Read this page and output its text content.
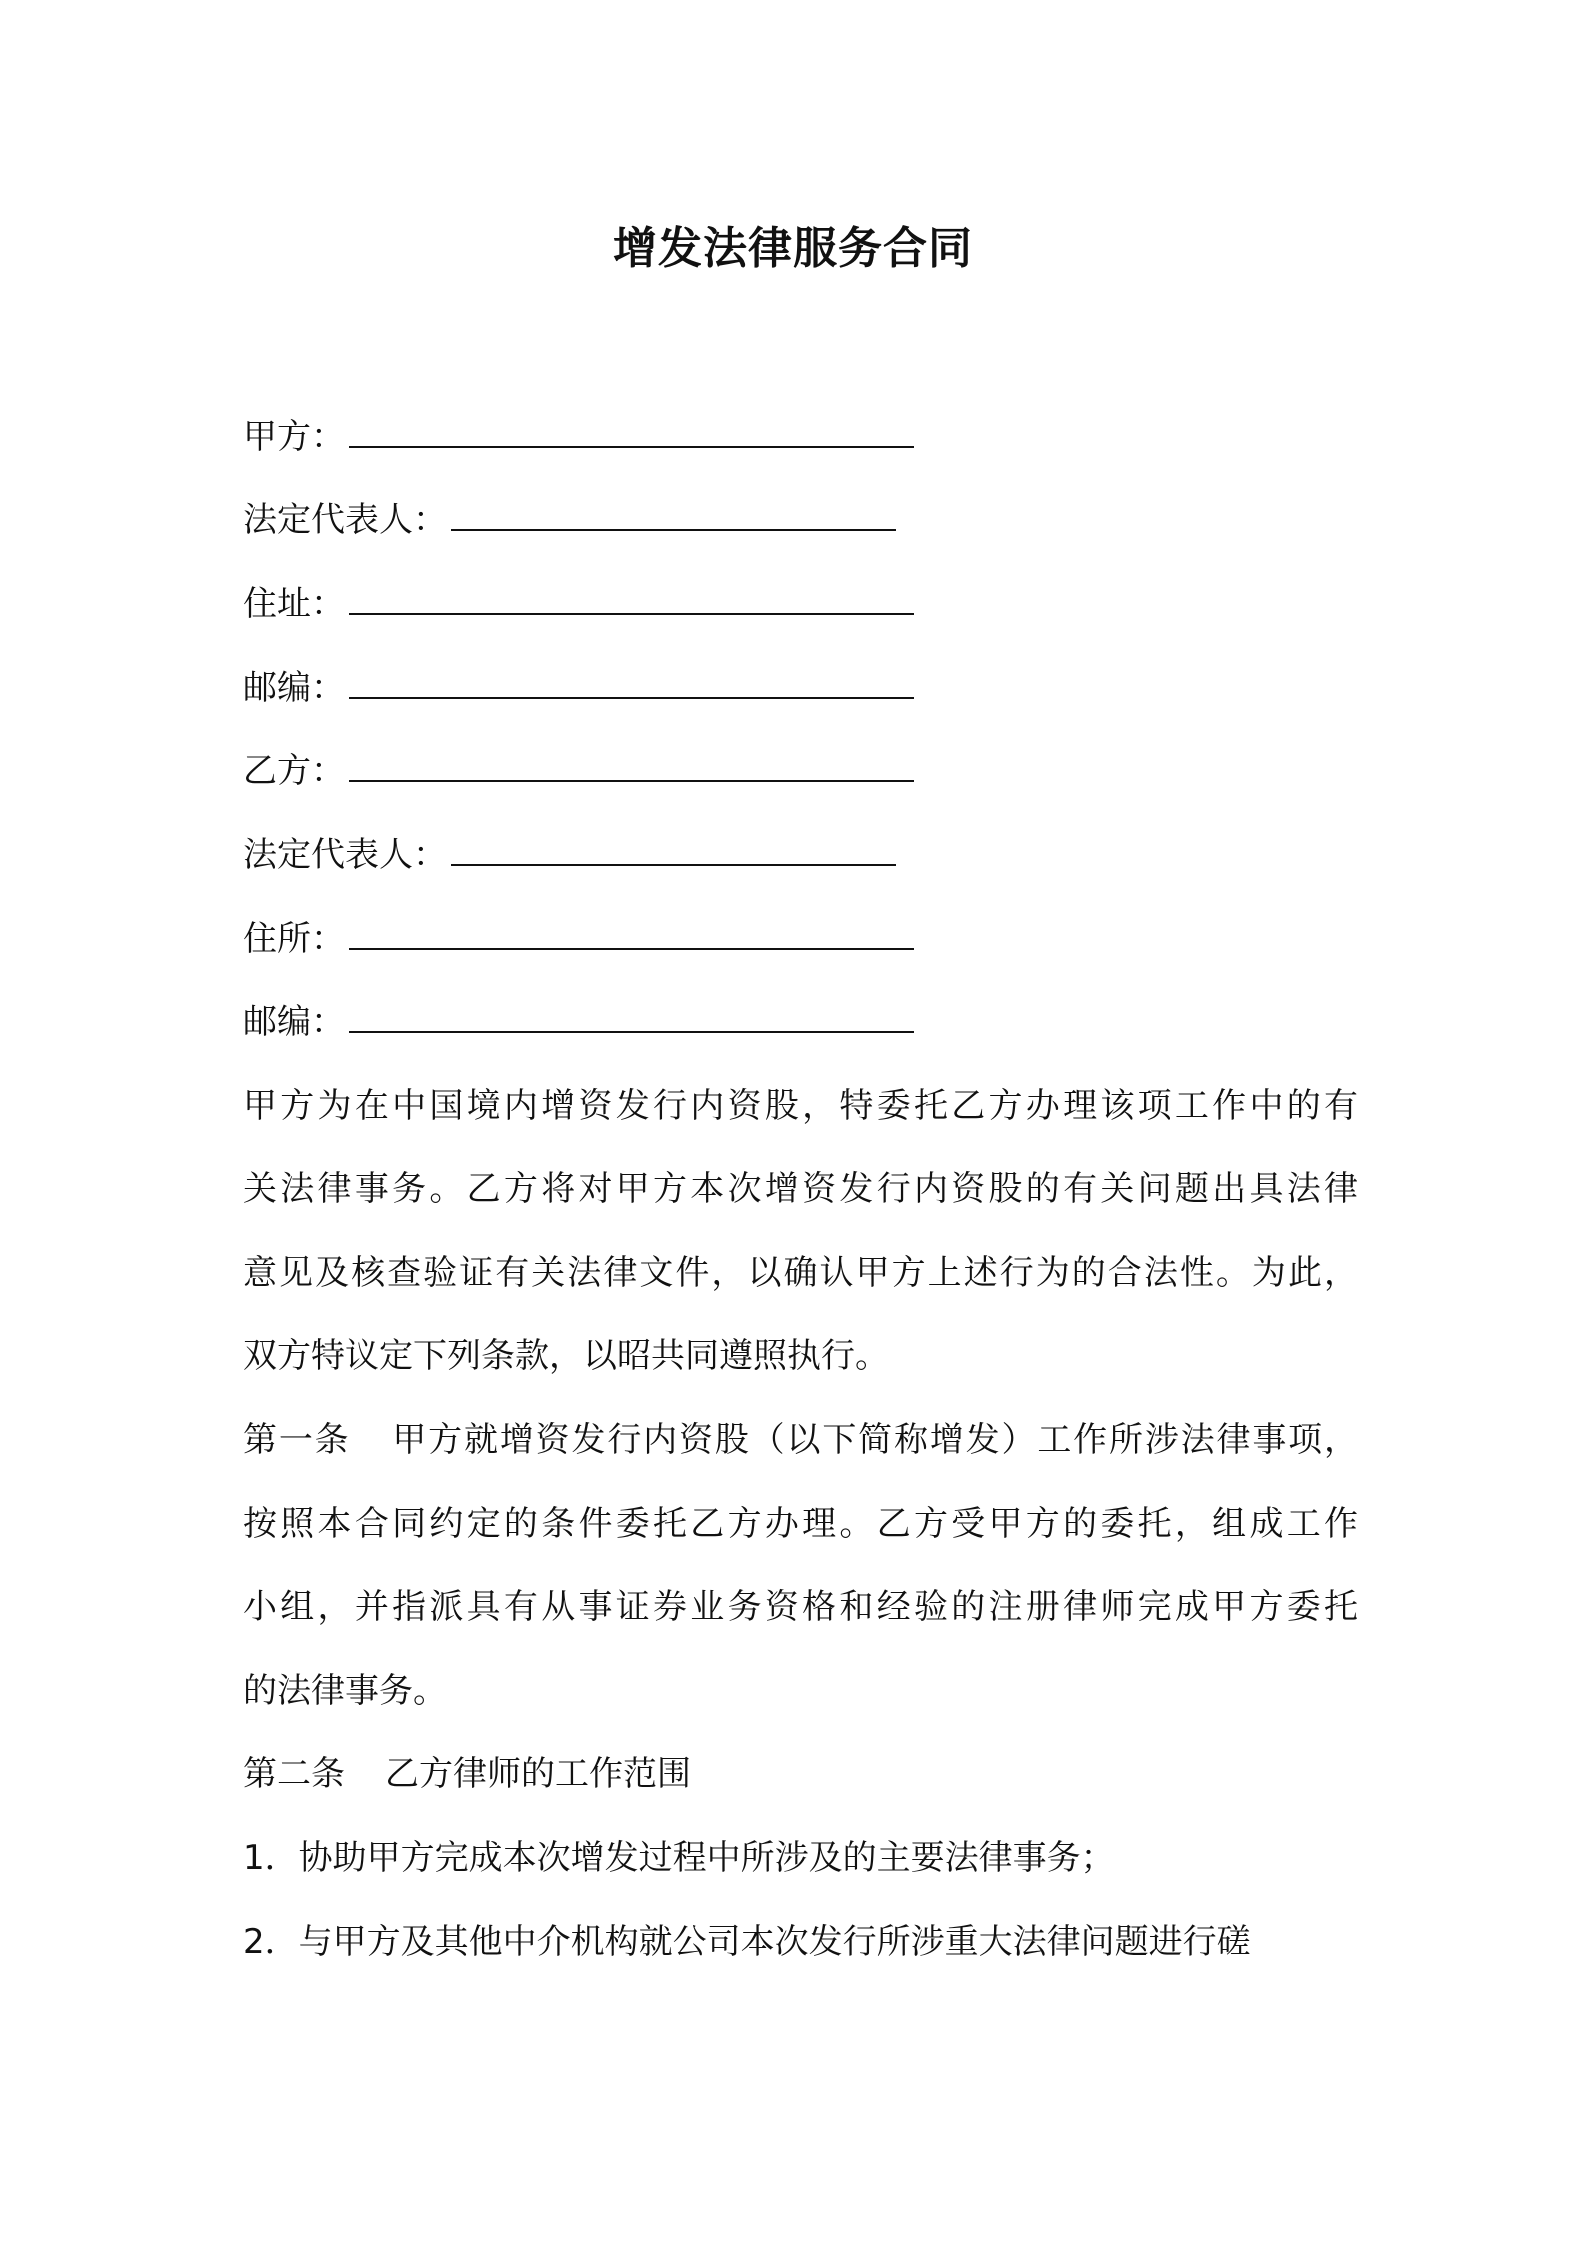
增发法律服务合同
甲方：
法定代表人：
住址：
邮编：
乙方：
法定代表人：
住所：
邮编：
甲方为在中国境内增资发行内资股，特委托乙方办理该项工作中的有
关法律事务。乙方将对甲方本次增资发行内资股的有关问题出具法律
意见及核查验证有关法律文件，以确认甲方上述行为的合法性。为此，
双方特议定下列条款，以昭共同遵照执行。
第一条 甲方就增资发行内资股（以下简称增发）工作所涉法律事项，
按照本合同约定的条件委托乙方办理。乙方受甲方的委托，组成工作
小组，并指派具有从事证券业务资格和经验的注册律师完成甲方委托
的法律事务。
第二条 乙方律师的工作范围
1．协助甲方完成本次增发过程中所涉及的主要法律事务；
2．与甲方及其他中介机构就公司本次发行所涉重大法律问题进行磋
